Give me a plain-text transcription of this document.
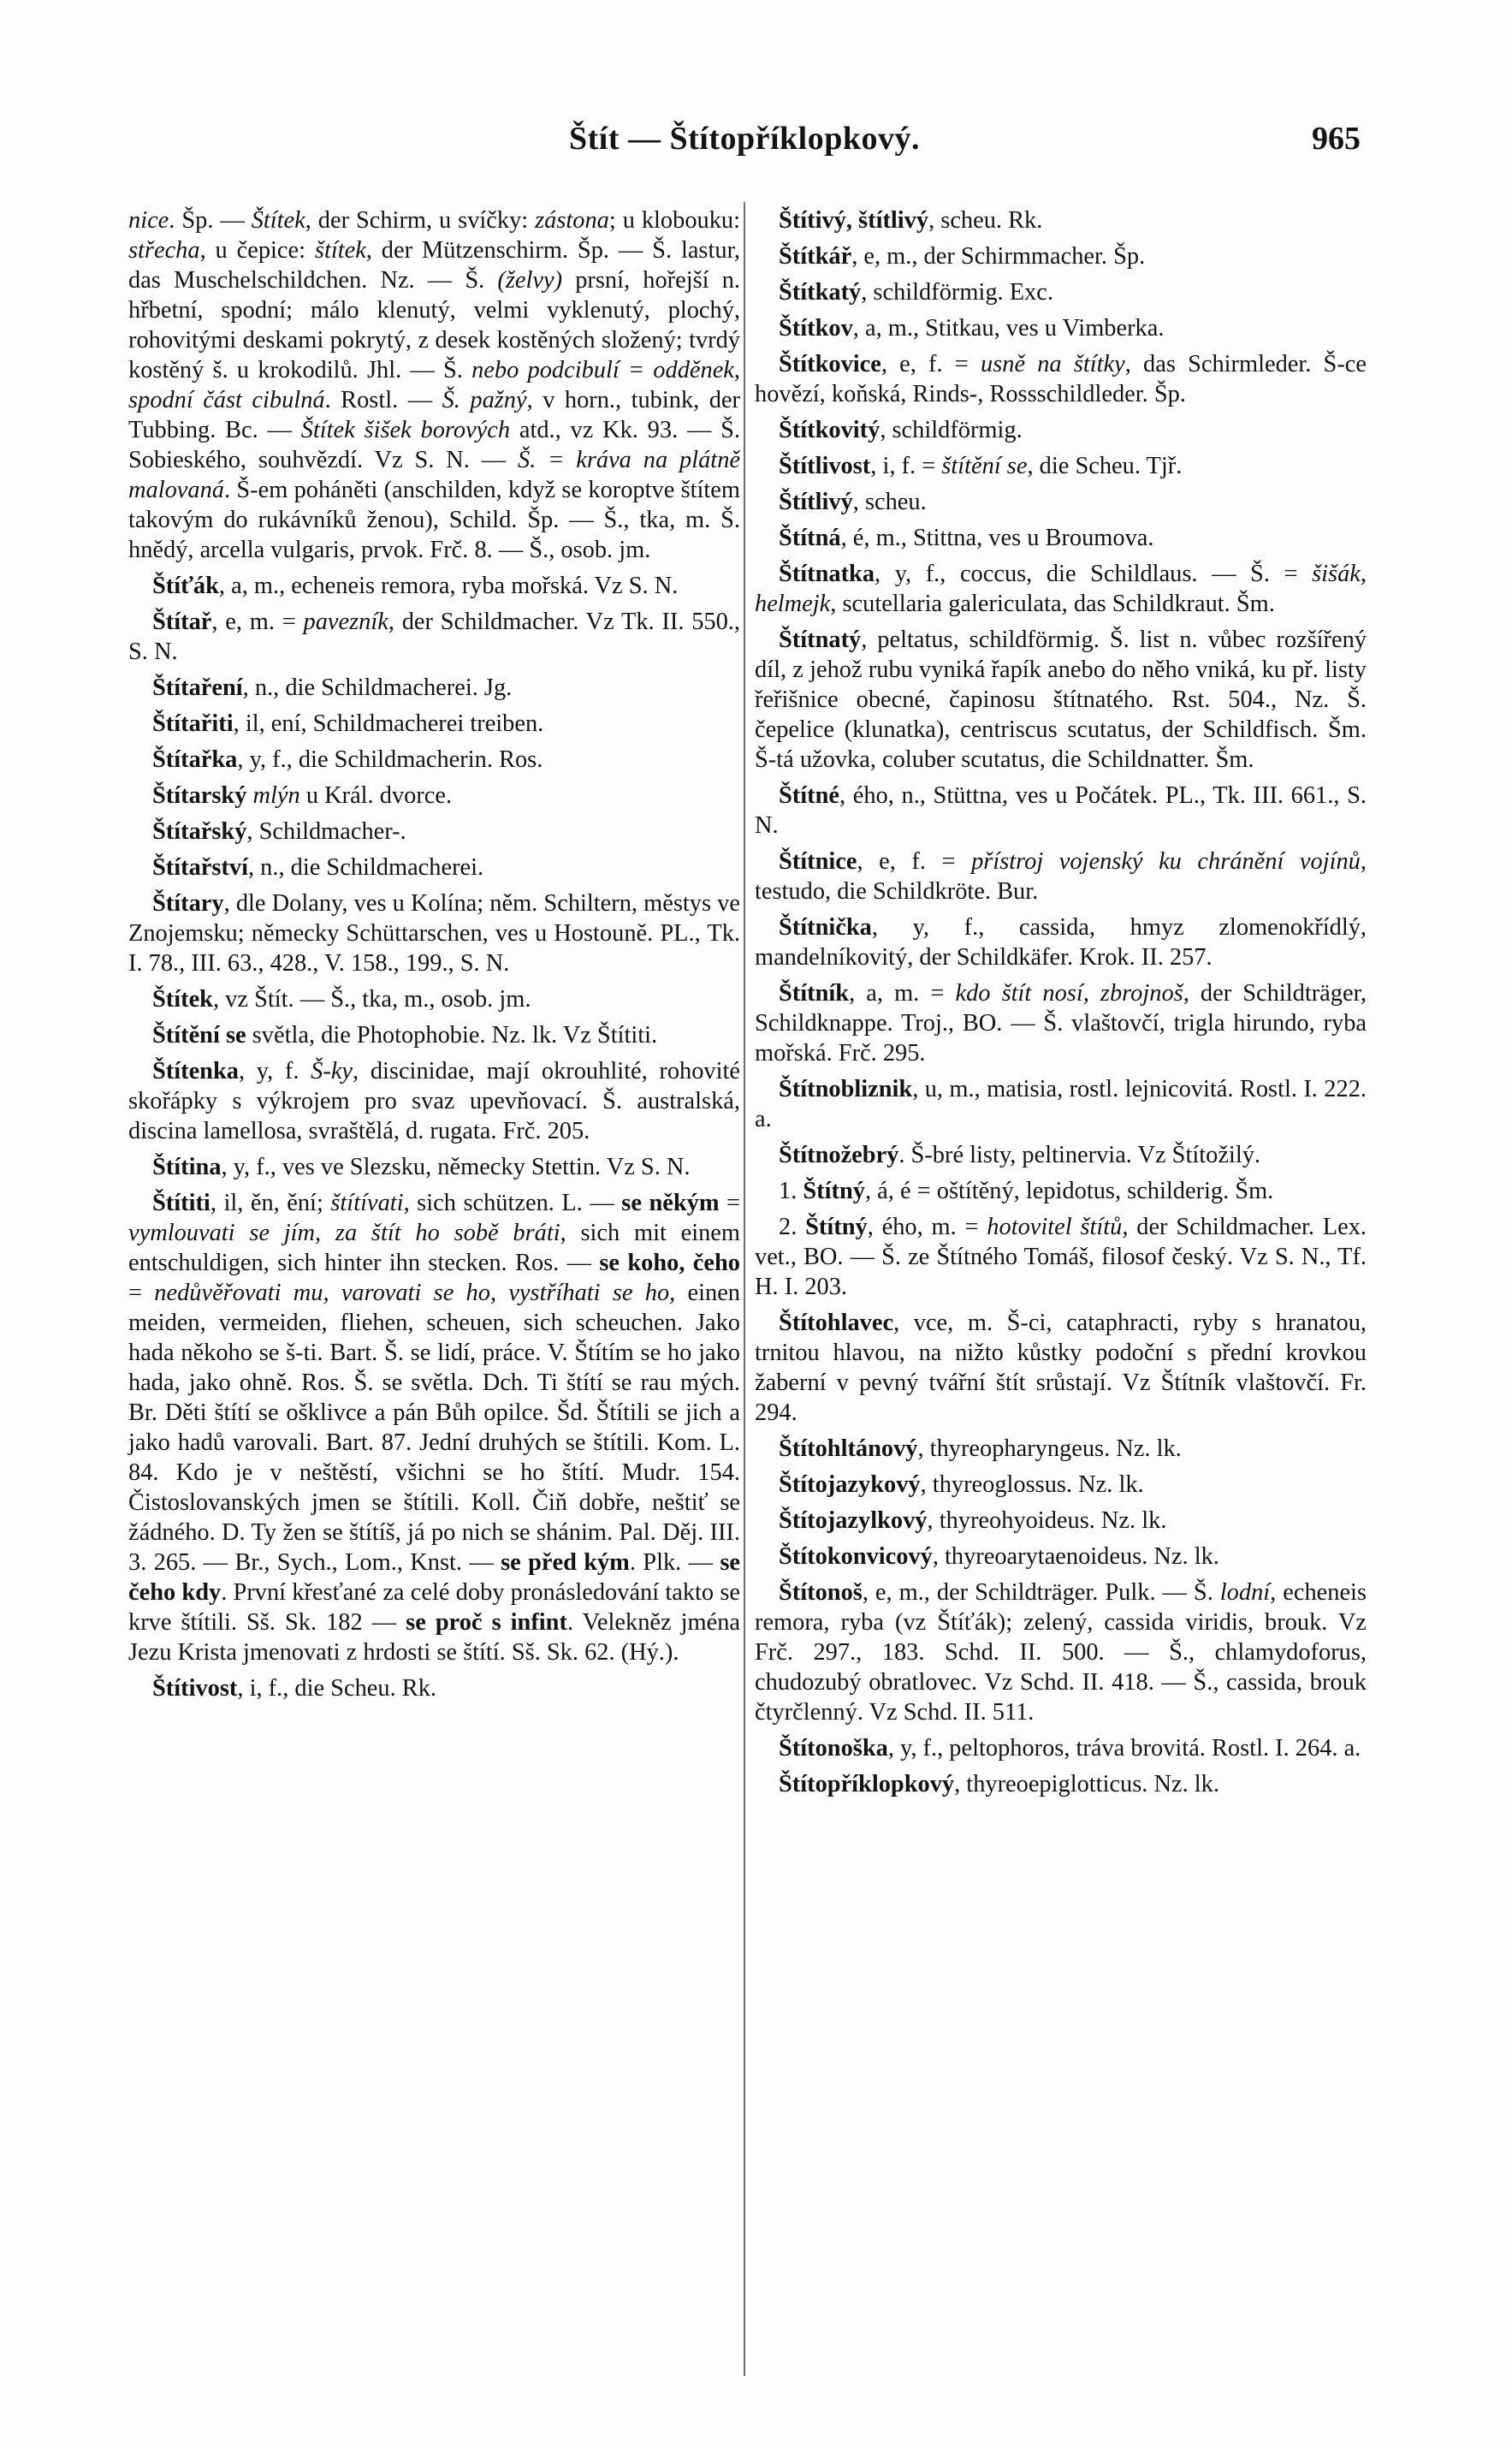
Štít — Štítopříklopkový.	965

nice. Šp. — Štítek, der Schirm, u svíčky: zástona; u klobouku: střecha, u čepice: štítek, der Mützenschirm. Šp. — Š. lastur, das Muschelschildchen. Nz. — Š. (želvy) prsní, hořejší n. hřbetní, spodní; málo klenutý, velmi vyklenutý, plochý, rohovitými deskami pokrytý, z desek kostěných složený; tvrdý kostěný š. u krokodilů. Jhl. — Š. nebo podcibulí = odděnek, spodní část cibulná. Rostl. — Š. pažný, v horn., tubink, der Tubbing. Bc. — Štítek šišek borových atd., vz Kk. 93. — Š. Sobieského, souhvězdí. Vz S. N. — Š. = kráva na plátně malovaná. Š-em poháněti (anschilden, když se koroptve štítem takovým do rukávníků ženou), Schild. Šp. — Š., tka, m. Š. hnědý, arcella vulgaris, prvok. Frč. 8. — Š., osob. jm.

Štíťák, a, m., echeneis remora, ryba mořská. Vz S. N.

Štítař, e, m. = pavezník, der Schildmacher. Vz Tk. II. 550., S. N.

Štítaření, n., die Schildmacherei. Jg.

Štítařiti, il, ení, Schildmacherei treiben.

Štítařka, y, f., die Schildmacherin. Ros.

Štítarský mlýn u Král. dvorce.

Štítařský, Schildmacher-.

Štítařství, n., die Schildmacherei.

Štítary, dle Dolany, ves u Kolína; něm. Schiltern, městys ve Znojemsku; německy Schüttarschen, ves u Hostouně. PL., Tk. I. 78., III. 63., 428., V. 158., 199., S. N.

Štítek, vz Štít. — Š., tka, m., osob. jm.

Štítění se světla, die Photophobie. Nz. lk. Vz Štítiti.

Štítenka, y, f. Š-ky, discinidae, mají okrouhlité, rohovité skořápky s výkrojem pro svaz upevňovací. Š. australská, discina lamellosa, svraštělá, d. rugata. Frč. 205.

Štítina, y, f., ves ve Slezsku, německy Stettin. Vz S. N.

Štítiti, il, ěn, ění; štítívati, sich schützen. L. — se někým = vymlouvati se jím, za štít ho sobě bráti, sich mit einem entschuldigen, sich hinter ihn stecken. Ros. — se koho, čeho = nedůvěřovati mu, varovati se ho, vystříhati se ho, einen meiden, vermeiden, fliehen, scheuen, sich scheuchen. Jako hada někoho se š-ti. Bart. Š. se lidí, práce. V. Štítím se ho jako hada, jako ohně. Ros. Š. se světla. Dch. Ti štítí se rau mých. Br. Děti štítí se ošklivce a pán Bůh opilce. Šd. Štítili se jich a jako hadů varovali. Bart. 87. Jední druhých se štítili. Kom. L. 84. Kdo je v neštěstí, všichni se ho štítí. Mudr. 154. Čistoslovanských jmen se štítili. Koll. Čiň dobře, neštiť se žádného. D. Ty žen se štítíš, já po nich se shánim. Pal. Děj. III. 3. 265. — Br., Sych., Lom., Knst. — se před kým. Plk. — se čeho kdy. První křesťané za celé doby pronásledování takto se krve štítili. Sš. Sk. 182 — se proč s infint. Velekněz jména Jezu Krista jmenovati z hrdosti se štítí. Sš. Sk. 62. (Hý.).

Štítivost, i, f., die Scheu. Rk.

Štítivý, štítlivý, scheu. Rk.

Štítkář, e, m., der Schirmmacher. Šp.

Štítkatý, schildförmig. Exc.

Štítkov, a, m., Stitkau, ves u Vimberka.

Štítkovice, e, f. = usně na štítky, das Schirmleder. Š-ce hovězí, koňská, Rinds-, Rossschildleder. Šp.

Štítkovitý, schildförmig.

Štítlivost, i, f. = štítění se, die Scheu. Tjř.

Štítlivý, scheu.

Štítná, é, m., Stittna, ves u Broumova.

Štítnatka, y, f., coccus, die Schildlaus. — Š. = šišák, helmejk, scutellaria galericulata, das Schildkraut. Šm.

Štítnatý, peltatus, schildförmig. Š. list n. vůbec rozšířený díl, z jehož rubu vyniká řapík anebo do něho vniká, ku př. listy řeřišnice obecné, čapinosu štítnatého. Rst. 504., Nz. Š. čepelice (klunatka), centriscus scutatus, der Schildfisch. Šm. Š-tá užovka, coluber scutatus, die Schildnatter. Šm.

Štítné, ého, n., Stüttna, ves u Počátek. PL., Tk. III. 661., S. N.

Štítnice, e, f. = přístroj vojenský ku chránění vojínů, testudo, die Schildkröte. Bur.

Štítnička, y, f., cassida, hmyz zlomenokřídlý, mandelníkovitý, der Schildkäfer. Krok. II. 257.

Štítník, a, m. = kdo štít nosí, zbrojnoš, der Schildträger, Schildknappe. Troj., BO. — Š. vlaštovčí, trigla hirundo, ryba mořská. Frč. 295.

Štítnobliznik, u, m., matisia, rostl. lejnicovitá. Rostl. I. 222. a.

Štítnožebrý. Š-bré listy, peltinervia. Vz Štítožilý.

1. Štítný, á, é = oštítěný, lepidotus, schilderig. Šm.

2. Štítný, ého, m. = hotovitel štítů, der Schildmacher. Lex. vet., BO. — Š. ze Štítného Tomáš, filosof český. Vz S. N., Tf. H. I. 203.

Štítohlavec, vce, m. Š-ci, cataphracti, ryby s hranatou, trnitou hlavou, na nižto kůstky podoční s přední krovkou žaberní v pevný tvářní štít srůstají. Vz Štítník vlaštovčí. Fr. 294.

Štítohltánový, thyreopharyngeus. Nz. lk.

Štítojazykový, thyreoglossus. Nz. lk.

Štítojazylkový, thyreohyoideus. Nz. lk.

Štítokonvicový, thyreoarytaenoideus. Nz. lk.

Štítonoš, e, m., der Schildträger. Pulk. — Š. lodní, echeneis remora, ryba (vz Štíťák); zelený, cassida viridis, brouk. Vz Frč. 297., 183. Schd. II. 500. — Š., chlamydoforus, chudozubý obratlovec. Vz Schd. II. 418. — Š., cassida, brouk čtyrčlenný. Vz Schd. II. 511.

Štítonoška, y, f., peltophoros, tráva brovitá. Rostl. I. 264. a.

Štítopříklopkový, thyreoepiglotticus. Nz. lk.
